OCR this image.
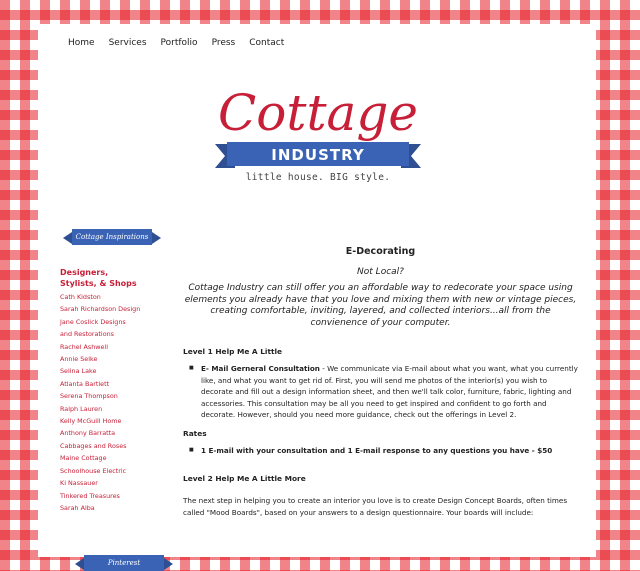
Home Services Portfolio Press Contact
Cottage
INDUSTRY
little house. BIG style.
Cottage Inspirations
Designers, Stylists, & Shops
Cath Kidston
Sarah Richardson Design
Jane Coslick Designs
and Restorations
Rachel Ashwell
Annie Selke
Selina Lake
Atlanta Bartlett
Serena Thompson
Ralph Lauren
Kelly McGuill Home
Anthony Barratta
Cabbages and Roses
Maine Cottage
Schoolhouse Electric
Ki Nassauer
Tinkered Treasures
Sarah Alba
Pinterest
E-Decorating
Not Local?
Cottage Industry can still offer you an affordable way to redecorate your space using elements you already have that you love and mixing them with new or vintage pieces, creating comfortable, inviting, layered, and collected interiors...all from the convienence of your computer.
Level 1 Help Me A Little
■ E- Mail Gerneral Consultation - We communicate via E-mail about what you want, what you currently like, and what you want to get rid of. First, you will send me photos of the interior(s) you wish to decorate and fill out a design information sheet, and then we'll talk color, furniture, fabric, lighting and accessories. This consultation may be all you need to get inspired and confident to go forth and decorate. However, should you need more guidance, check out the offerings in Level 2.
Rates
■ 1 E-mail with your consultation and 1 E-mail response to any questions you have - $50
Level 2 Help Me A Little More
The next step in helping you to create an interior you love is to create Design Concept Boards, often times called "Mood Boards", based on your answers to a design questionnaire. Your boards will include:
